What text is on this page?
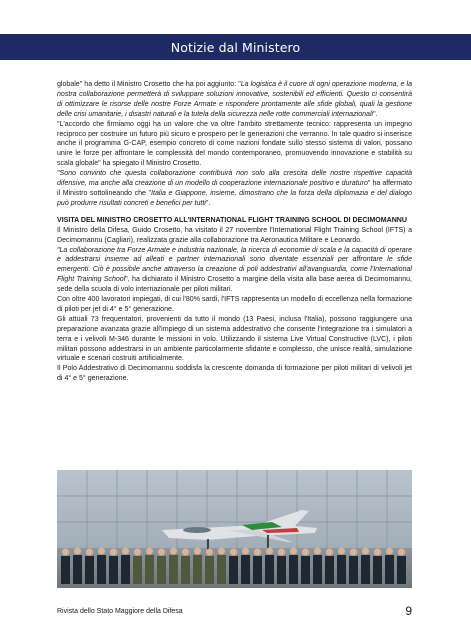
Notizie dal Ministero

globale" ha detto il Ministro Crosetto che ha poi aggiunto: "La logistica è il cuore di ogni operazione moderna, e la nostra collaborazione permetterà di sviluppare soluzioni innovative, sostenibili ed efficienti. Questo ci consentirà di ottimizzare le risorse delle nostre Forze Armate e rispondere prontamente alle sfide globali, quali la gestione delle crisi umanitarie, i disastri naturali e la tutela della sicurezza nelle rotte commerciali internazionali".

"L'accordo che firmiamo oggi ha un valore che va oltre l'ambito strettamente tecnico: rappresenta un impegno reciproco per costruire un futuro più sicuro e prospero per le generazioni che verranno. In tale quadro si inserisce anche il programma G-CAP, esempio concreto di come nazioni fondate sullo stesso sistema di valori, possano unire le forze per affrontare le complessità del mondo contemporaneo, promuovendo innovazione e stabilità su scala globale" ha spiegato il Ministro Crosetto.

"Sono convinto che questa collaborazione contribuirà non solo alla crescita delle nostre rispettive capacità difensive, ma anche alla creazione di un modello di cooperazione internazionale positivo e duraturo" ha affermato il Ministro sottolineando che "Italia e Giappone, insieme, dimostrano che la forza della diplomazia e del dialogo può produrre risultati concreti e benefici per tutti".

VISITA DEL MINISTRO CROSETTO ALL'INTERNATIONAL FLIGHT TRAINING SCHOOL DI DECIMOMANNU

Il Ministro della Difesa, Guido Crosetto, ha visitato il 27 novembre l'International Flight Training School (IFTS) a Decimomannu (Cagliari), realizzata grazie alla collaborazione tra Aeronautica Militare e Leonardo.

"La collaborazione tra Forze Armate e industria nazionale, la ricerca di economie di scala e la capacità di operare e addestrarsi insieme ad alleati e partner internazionali sono diventate essenziali per affrontare le sfide emergenti. Ciò è possibile anche attraverso la creazione di poli addestrativi all'avanguardia, come l'International Flight Training School", ha dichiarato il Ministro Crosetto a margine della visita alla base aerea di Decimomannu, sede della scuola di volo internazionale per piloti militari.

Con oltre 400 lavoratori impiegati, di cui l'80% sardi, l'IFTS rappresenta un modello di eccellenza nella formazione di piloti per jet di 4° e 5° generazione.

Gli attuali 73 frequentatori, provenienti da tutto il mondo (13 Paesi, inclusa l'Italia), possono raggiungere una preparazione avanzata grazie all'impiego di un sistema addestrativo che consente l'integrazione tra i simulatori a terra e i velivoli M-346 durante le missioni in volo. Utilizzando il sistema Live Virtual Constructive (LVC), i piloti militari possono addestrarsi in un ambiente particolarmente sfidante e complesso, che unisce realtà, simulazione virtuale e scenari costruiti artificialmente.

Il Polo Addestrativo di Decimomannu soddisfa la crescente domanda di formazione per piloti militari di velivoli jet di 4° e 5° generazione.

Rivista dello Stato Maggiore della Difesa	9
